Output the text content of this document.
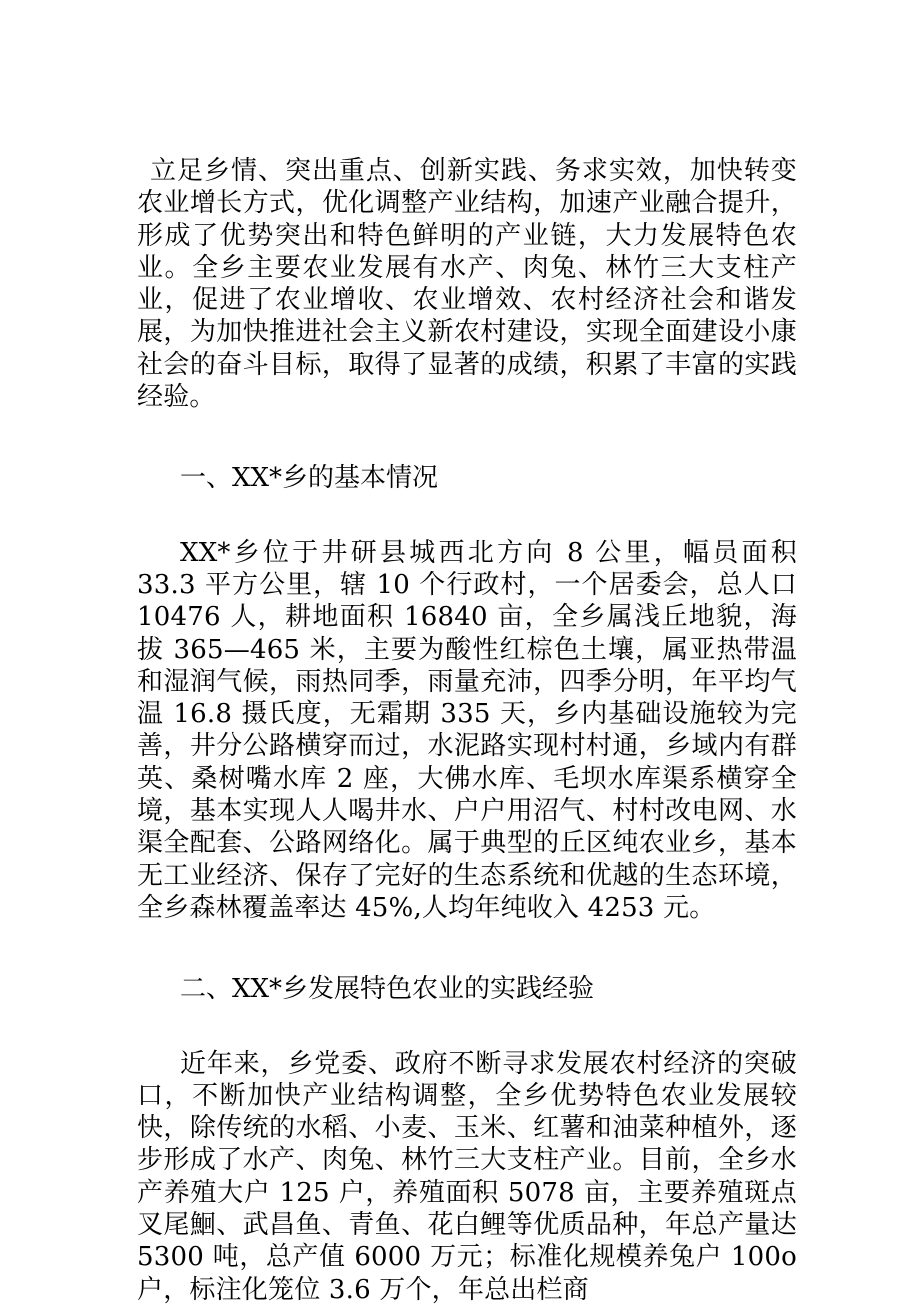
立足乡情、突出重点、创新实践、务求实效，加快转变农业增长方式，优化调整产业结构，加速产业融合提升，形成了优势突出和特色鲜明的产业链，大力发展特色农业。全乡主要农业发展有水产、肉兔、林竹三大支柱产业，促进了农业增收、农业增效、农村经济社会和谐发展，为加快推进社会主义新农村建设，实现全面建设小康社会的奋斗目标，取得了显著的成绩，积累了丰富的实践经验。

一、XX*乡的基本情况

XX*乡位于井研县城西北方向 8 公里，幅员面积 33.3 平方公里，辖 10 个行政村，一个居委会，总人口 10476 人，耕地面积 16840 亩，全乡属浅丘地貌，海拔 365—465 米，主要为酸性红棕色土壤，属亚热带温和湿润气候，雨热同季，雨量充沛，四季分明，年平均气温 16.8 摄氏度，无霜期 335 天，乡内基础设施较为完善，井分公路横穿而过，水泥路实现村村通，乡域内有群英、桑树嘴水库 2 座，大佛水库、毛坝水库渠系横穿全境，基本实现人人喝井水、户户用沼气、村村改电网、水渠全配套、公路网络化。属于典型的丘区纯农业乡，基本无工业经济、保存了完好的生态系统和优越的生态环境，全乡森林覆盖率达 45%,人均年纯收入 4253 元。

二、XX*乡发展特色农业的实践经验

近年来，乡党委、政府不断寻求发展农村经济的突破口，不断加快产业结构调整，全乡优势特色农业发展较快，除传统的水稻、小麦、玉米、红薯和油菜种植外，逐步形成了水产、肉兔、林竹三大支柱产业。目前，全乡水产养殖大户 125 户，养殖面积 5078 亩，主要养殖斑点叉尾鮰、武昌鱼、青鱼、花白鲤等优质品种，年总产量达 5300 吨，总产值 6000 万元；标准化规模养兔户 100o 户，标注化笼位 3.6 万个，年总出栏商
